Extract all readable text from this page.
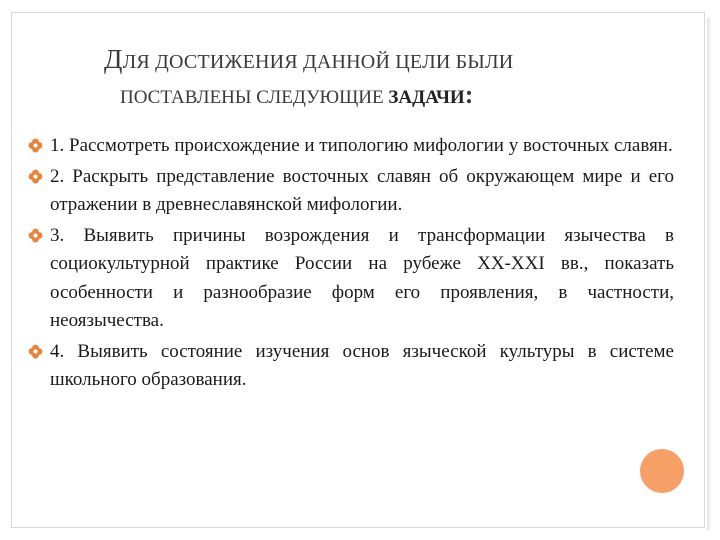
ДЛЯ ДОСТИЖЕНИЯ ДАННОЙ ЦЕЛИ БЫЛИ
ПОСТАВЛЕНЫ СЛЕДУЮЩИЕ ЗАДАЧИ:
1. Рассмотреть происхождение и типологию мифологии у восточных славян.
2. Раскрыть представление восточных славян об окружающем мире и его отражении в древнеславянской мифологии.
3. Выявить причины возрождения и трансформации язычества в социокультурной практике России на рубеже XX-XXI вв., показать особенности и разнообразие форм его проявления, в частности, неоязычества.
4. Выявить состояние изучения основ языческой культуры в системе школьного образования.
